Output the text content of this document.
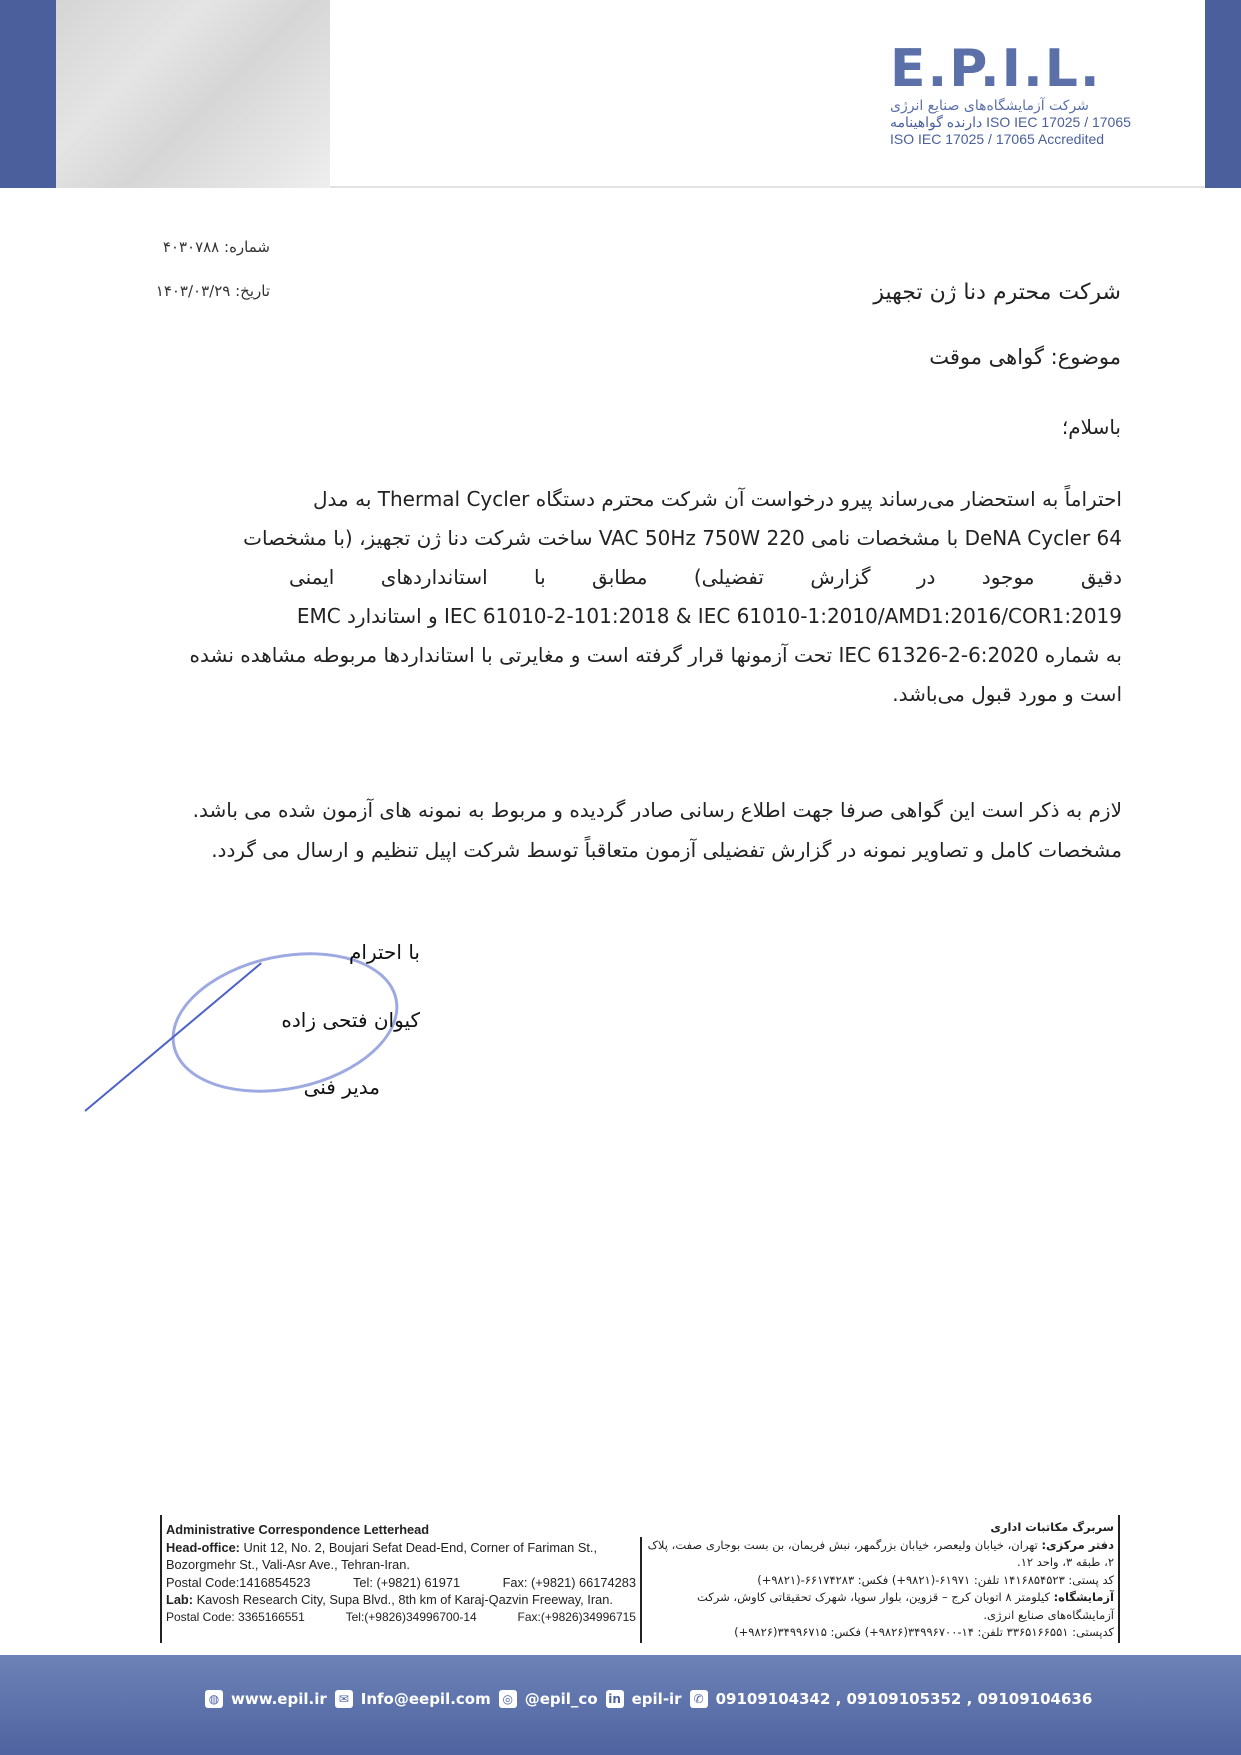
E.P.I.L.
شرکت آزمایشگاه‌های صنایع انرژی
دارنده گواهینامه ISO IEC 17025 / 17065
ISO IEC 17025 / 17065 Accredited
شماره: ۴۰۳۰۷۸۸
تاریخ: ۱۴۰۳/۰۳/۲۹	شرکت محترم دنا ژن تجهیز
موضوع: گواهی موقت
باسلام؛

احتراماً به استحضار می‌رساند پیرو درخواست آن شرکت محترم دستگاه Thermal Cycler به مدل

DeNA Cycler 64 با مشخصات نامی 220 VAC 50Hz 750W ساخت شرکت دنا ژن تجهیز، (با مشخصات

دقیق موجود در گزارش تفضیلی) مطابق با استانداردهای ایمنی

IEC 61010-2-101:2018 & IEC 61010-1:2010/AMD1:2016/COR1:2019 و استاندارد EMC

به شماره IEC 61326-2-6:2020 تحت آزمونها قرار گرفته است و مغایرتی با استانداردها مربوطه مشاهده نشده

است و مورد قبول می‌باشد.

لازم به ذکر است این گواهی صرفا جهت اطلاع رسانی صادر گردیده و مربوط به نمونه های آزمون شده می باشد.

مشخصات کامل و تصاویر نمونه در گزارش تفضیلی آزمون متعاقباً توسط شرکت اپیل تنظیم و ارسال می گردد.

با احترام
کیوان فتحی زاده
مدیر فنی
Administrative Correspondence Letterhead
Head-office: Unit 12, No. 2, Boujari Sefat Dead-End, Corner of Fariman St., Bozorgmehr St., Vali-Asr Ave., Tehran-Iran.
Postal Code:1416854523	Tel: (+9821) 61971	Fax: (+9821) 66174283
Lab: Kavosh Research City, Supa Blvd., 8th km of Karaj-Qazvin Freeway, Iran.
Postal Code: 3365166551	Tel:(+9826)34996700-14	Fax:(+9826)34996715
سربرگ مکاتبات اداری
دفتر مرکزی: تهران، خیابان ولیعصر، خیابان بزرگمهر، نبش فریمان، بن بست بوجاری صفت، پلاک ۲، طبقه ۳، واحد ۱۲.
کد پستی: ۱۴۱۶۸۵۴۵۲۳ تلفن: ۶۱۹۷۱-(۹۸۲۱+) فکس: ۶۶۱۷۴۲۸۳-(۹۸۲۱+)
آزمایشگاه: کیلومتر ۸ اتوبان کرج – قزوین، بلوار سوپا، شهرک تحقیقاتی کاوش، شرکت آزمایشگاه‌های صنایع انرژی.
کدپستی: ۳۳۶۵۱۶۶۵۵۱ تلفن: ۱۴-۳۴۹۹۶۷۰۰(۹۸۲۶+) فکس: ۳۴۹۹۶۷۱۵(۹۸۲۶+)
◍ www.epil.ir ✉ Info@eepil.com ◎ @epil_co in epil-ir ✆ 09109104342 , 09109105352 , 09109104636
